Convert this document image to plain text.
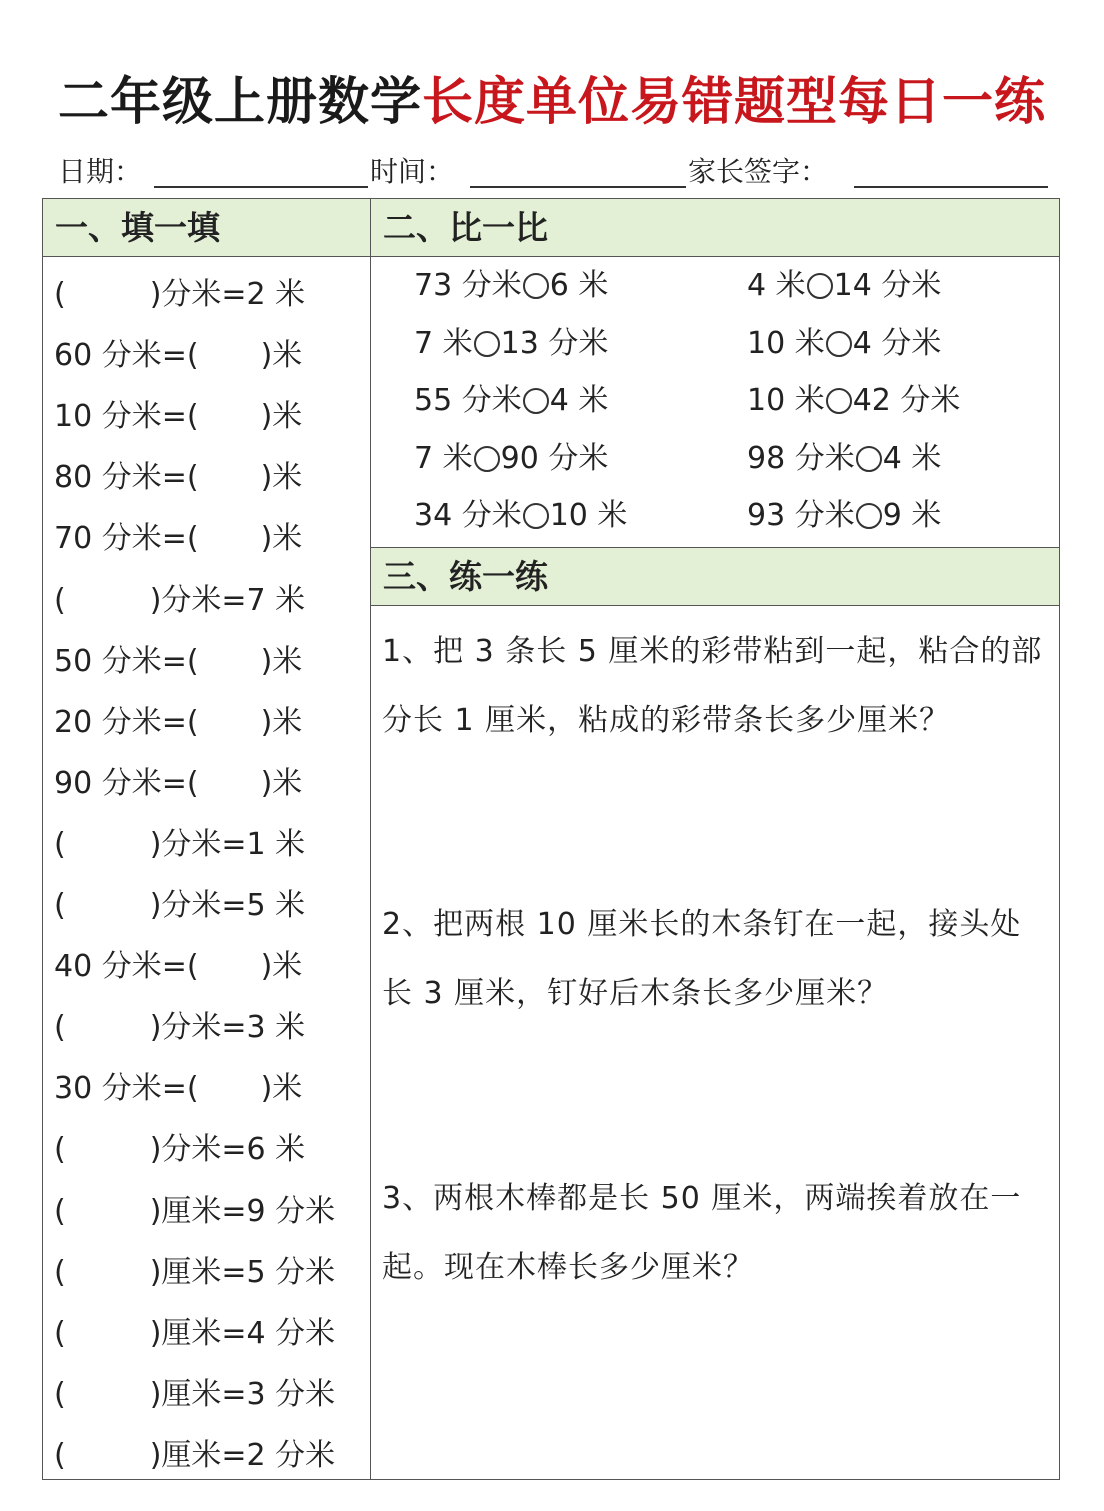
二年级上册数学长度单位易错题型每日一练
日期：	时间：	家长签字：
一、填一填	二、比一比
三、练一练
(	)分米=2 米
60 分米=( )米
10 分米=( )米
80 分米=( )米
70 分米=( )米
(	)分米=7 米
50 分米=( )米
20 分米=( )米
90 分米=( )米
(	)分米=1 米
(	)分米=5 米
40 分米=( )米
(	)分米=3 米
30 分米=( )米
(	)分米=6 米
(	)厘米=9 分米
(	)厘米=5 分米
(	)厘米=4 分米
(	)厘米=3 分米
(	)厘米=2 分米
73 分米 6 米	4 米 14 分米
7 米 13 分米	10 米 4 分米
55 分米 4 米	10 米 42 分米
7 米 90 分米	98 分米 4 米
34 分米 10 米	93 分米 9 米
1、把 3 条长 5 厘米的彩带粘到一起，粘合的部分长 1 厘米，粘成的彩带条长多少厘米？
2、把两根 10 厘米长的木条钉在一起，接头处长 3 厘米，钉好后木条长多少厘米？
3、两根木棒都是长 50 厘米，两端挨着放在一起。现在木棒长多少厘米？
